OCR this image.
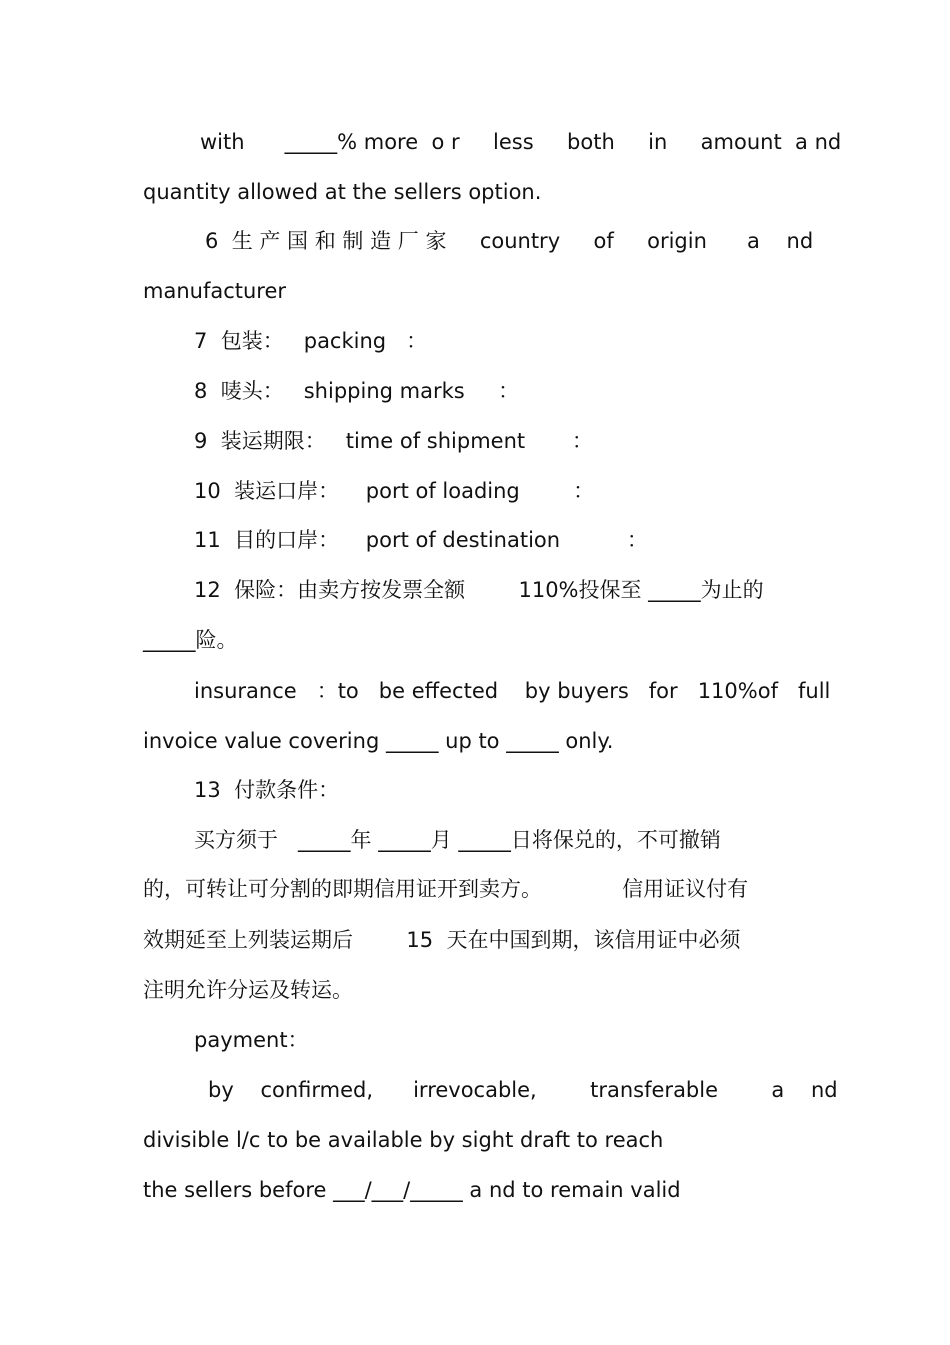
with      _____% more  o r     less     both     in     amount  a nd
quantity allowed at the sellers option.
6  生 产 国 和 制 造 厂 家     country     of     origin      a    nd
manufacturer
7  包装：   packing   ：
8  唛头：   shipping marks     ：
9  装运期限：   time of shipment       ：
10  装运口岸：    port of loading        ：
11  目的口岸：    port of destination          ：
12  保险：由卖方按发票全额        110%投保至 _____为止的
_____险。
insurance   ：to   be effected    by buyers   for   110%of   full
invoice value covering _____ up to _____ only.
13  付款条件：
买方须于   _____年 _____月 _____日将保兑的，不可撤销
的，可转让可分割的即期信用证开到卖方。            信用证议付有
效期延至上列装运期后        15  天在中国到期，该信用证中必须
注明允许分运及转运。
payment：
by    confirmed,      irrevocable,        transferable        a    nd
divisible l/c to be available by sight draft to reach
the sellers before ___/___/_____ a nd to remain valid
